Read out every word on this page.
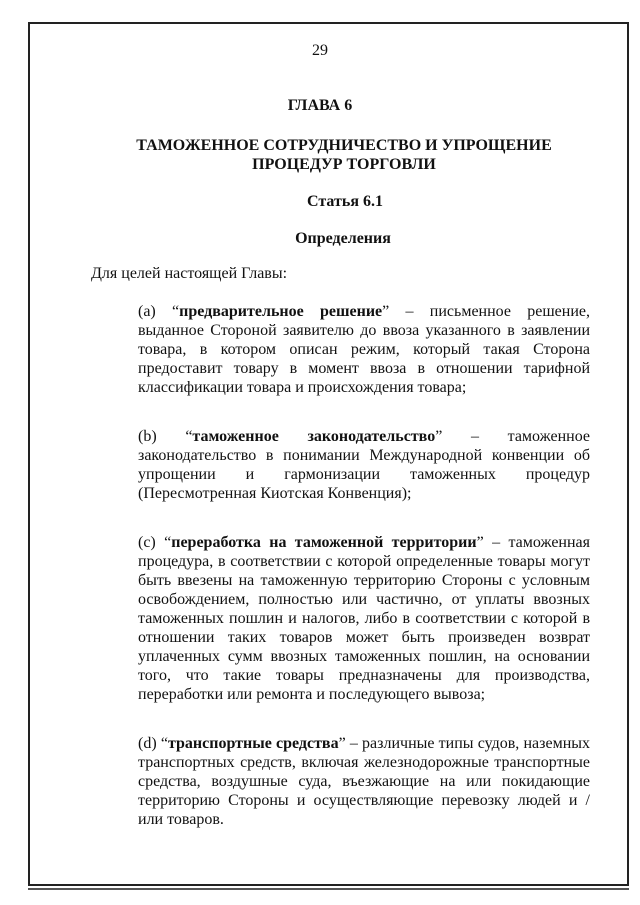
29
ГЛАВА 6
ТАМОЖЕННОЕ СОТРУДНИЧЕСТВО И УПРОЩЕНИЕ
ПРОЦЕДУР ТОРГОВЛИ
Статья 6.1
Определения
Для целей настоящей Главы:
(a) “предварительное решение” – письменное решение, выданное Стороной заявителю до ввоза указанного в заявлении товара, в котором описан режим, который такая Сторона предоставит товару в момент ввоза в отношении тарифной классификации товара и происхождения товара;
(b) “таможенное законодательство” – таможенное законодательство в понимании Международной конвенции об упрощении и гармонизации таможенных процедур (Пересмотренная Киотская Конвенция);
(c) “переработка на таможенной территории” – таможенная процедура, в соответствии с которой определенные товары могут быть ввезены на таможенную территорию Стороны с условным освобождением, полностью или частично, от уплаты ввозных таможенных пошлин и налогов, либо в соответствии с которой в отношении таких товаров может быть произведен возврат уплаченных сумм ввозных таможенных пошлин, на основании того, что такие товары предназначены для производства, переработки или ремонта и последующего вывоза;
(d) “транспортные средства” – различные типы судов, наземных транспортных средств, включая железнодорожные транспортные средства, воздушные суда, въезжающие на или покидающие территорию Стороны и осуществляющие перевозку людей и / или товаров.
